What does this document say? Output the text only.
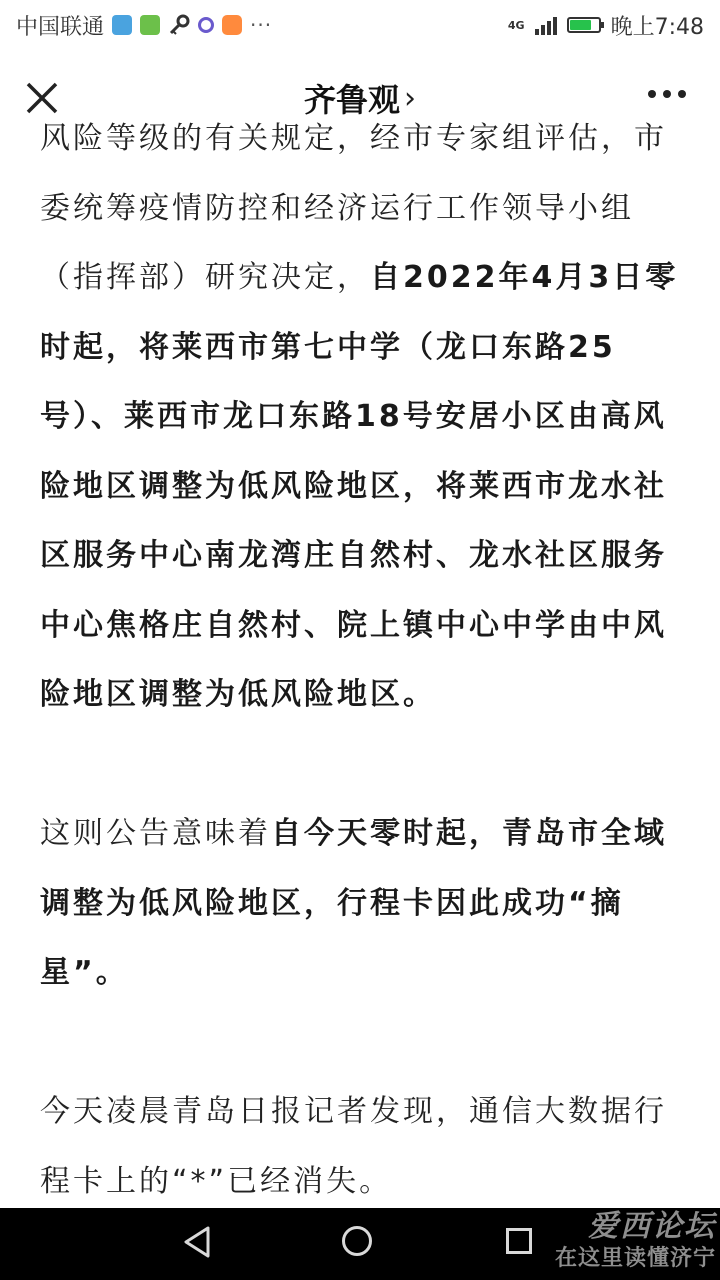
中国联通	···	4G	晚上7:48
齐鲁观 ›

风险等级的有关规定，经市专家组评估，市委统筹疫情防控和经济运行工作领导小组（指挥部）研究决定，自2022年4月3日零时起，将莱西市第七中学（龙口东路25号）、莱西市龙口东路18号安居小区由高风险地区调整为低风险地区，将莱西市龙水社区服务中心南龙湾庄自然村、龙水社区服务中心焦格庄自然村、院上镇中心中学由中风险地区调整为低风险地区。

这则公告意味着自今天零时起，青岛市全域调整为低风险地区，行程卡因此成功“摘星”。

今天凌晨青岛日报记者发现，通信大数据行程卡上的“*”已经消失。

爱西论坛
在这里读懂济宁
